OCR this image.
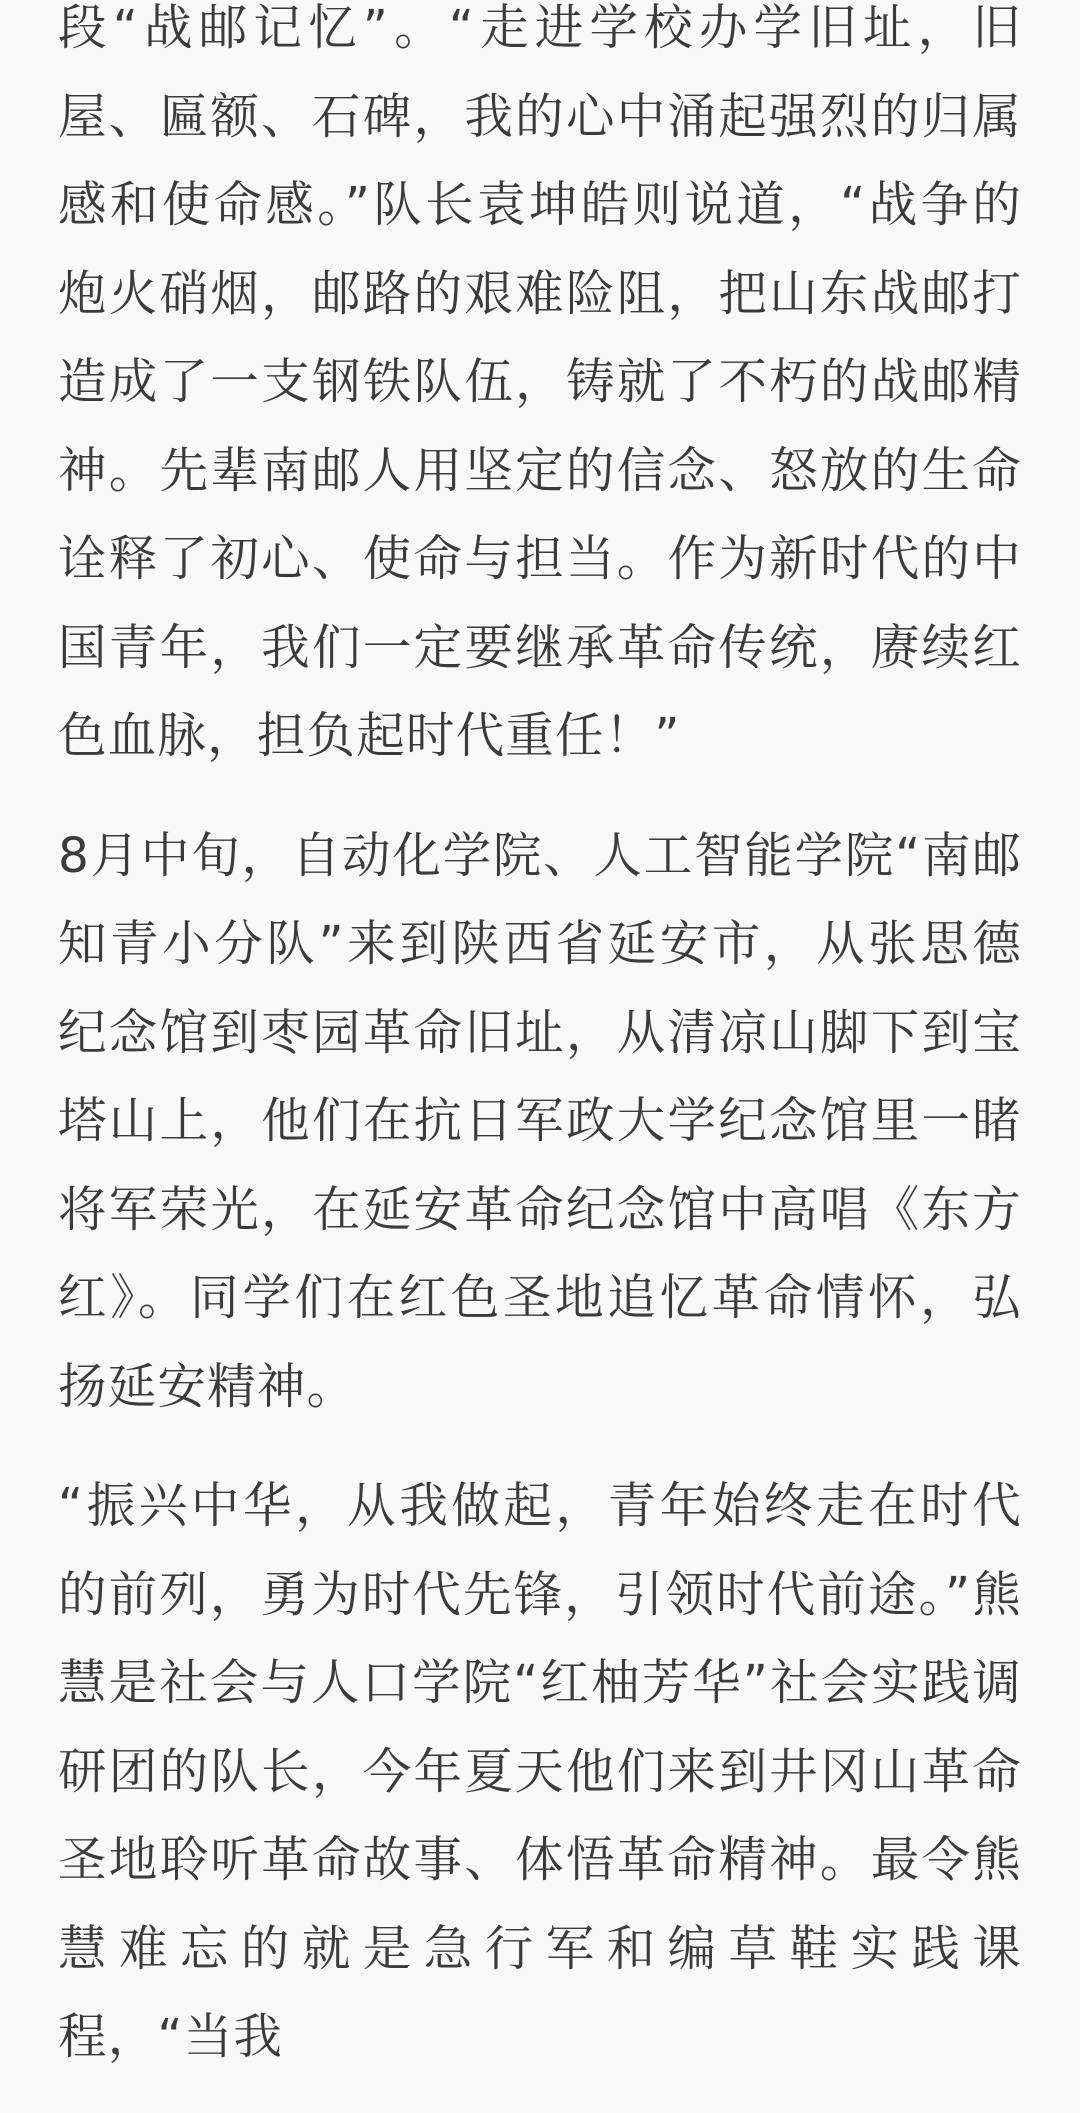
段“战邮记忆”。“走进学校办学旧址，旧屋、匾额、石碑，我的心中涌起强烈的归属感和使命感。”队长袁坤皓则说道，“战争的炮火硝烟，邮路的艰难险阻，把山东战邮打造成了一支钢铁队伍，铸就了不朽的战邮精神。先辈南邮人用坚定的信念、怒放的生命诠释了初心、使命与担当。作为新时代的中国青年，我们一定要继承革命传统，赓续红色血脉，担负起时代重任！”

8月中旬，自动化学院、人工智能学院“南邮知青小分队”来到陕西省延安市，从张思德纪念馆到枣园革命旧址，从清凉山脚下到宝塔山上，他们在抗日军政大学纪念馆里一睹将军荣光，在延安革命纪念馆中高唱《东方红》。同学们在红色圣地追忆革命情怀，弘扬延安精神。

“振兴中华，从我做起，青年始终走在时代的前列，勇为时代先锋，引领时代前途。”熊慧是社会与人口学院“红柚芳华”社会实践调研团的队长，今年夏天他们来到井冈山革命圣地聆听革命故事、体悟革命精神。最令熊慧难忘的就是急行军和编草鞋实践课程，“当我
